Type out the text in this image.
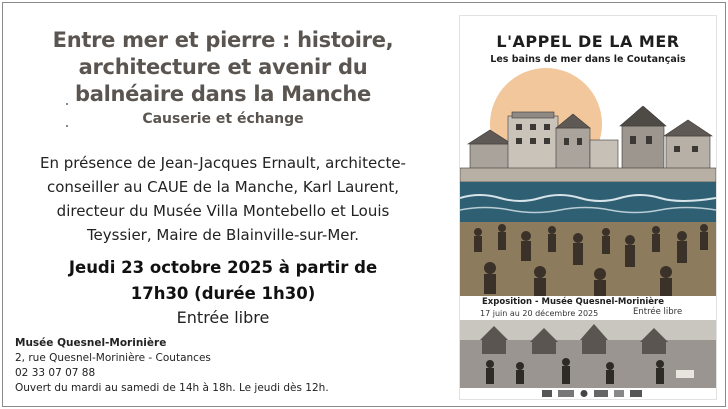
Entre mer et pierre : histoire, architecture et avenir du balnéaire dans la Manche
Causerie et échange
En présence de Jean-Jacques Ernault, architecte-conseiller au CAUE de la Manche, Karl Laurent, directeur du Musée Villa Montebello et Louis Teyssier, Maire de Blainville-sur-Mer.
Jeudi 23 octobre 2025 à partir de 17h30 (durée 1h30)
Entrée libre
Musée Quesnel-Morinière
2, rue Quesnel-Morinière - Coutances
02 33 07 07 88
Ouvert du mardi au samedi de 14h à 18h. Le jeudi dès 12h.
L'APPEL DE LA MER
Les bains de mer dans le Coutançais
Exposition - Musée Quesnel-Morinière
17 juin au 20 décembre 2025	Entrée libre
